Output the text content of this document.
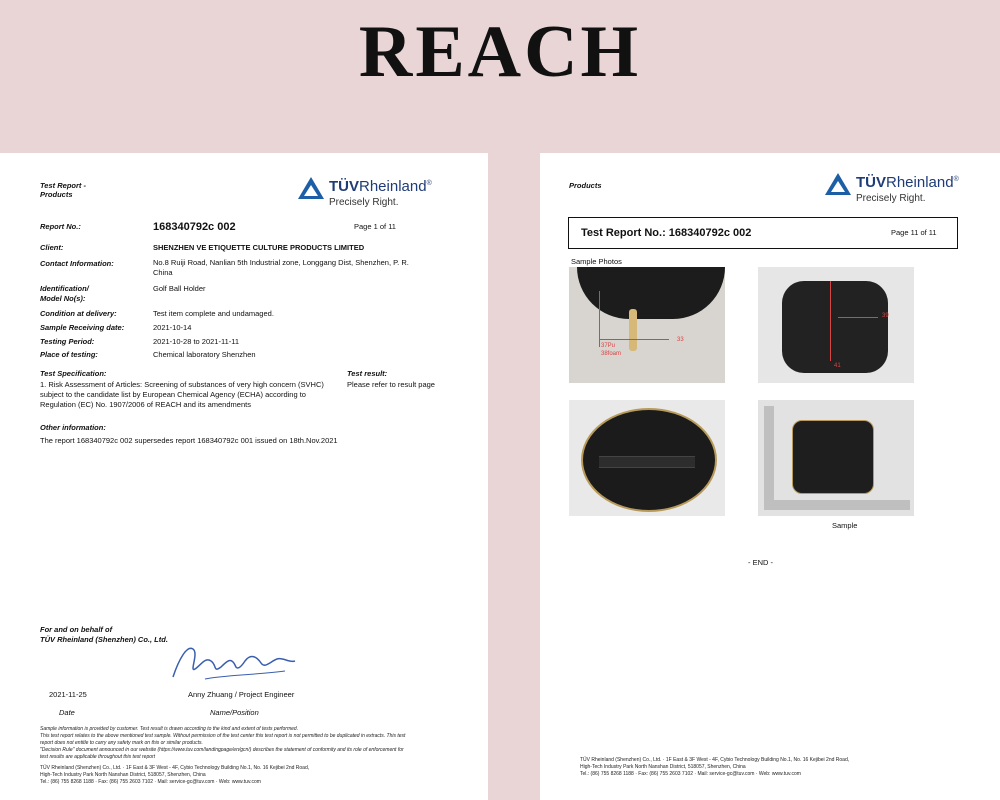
REACH
Test Report -
Products	TÜVRheinland®
Precisely Right.
Report No.:	168340792c 002	Page 1 of 11
Client:	SHENZHEN VE ETIQUETTE CULTURE PRODUCTS LIMITED
Contact Information:	No.8 Ruiji Road, Nanlian 5th Industrial zone, Longgang Dist, Shenzhen, P. R. China
Identification/	Golf Ball Holder
Model No(s):
Condition at delivery:	Test item complete and undamaged.
Sample Receiving date:	2021-10-14
Testing Period:	2021-10-28 to 2021-11-11
Place of testing:	Chemical laboratory Shenzhen
Test Specification:	Test result:
1. Risk Assessment of Articles: Screening of substances of very high concern (SVHC) subject to the candidate list by European Chemical Agency (ECHA) according to Regulation (EC) No. 1907/2006 of REACH and its amendments
Please refer to result page
Other information:
The report 168340792c 002 supersedes report 168340792c 001 issued on 18th.Nov.2021
For and on behalf of
TÜV Rheinland (Shenzhen) Co., Ltd.
2021-11-25	Anny Zhuang / Project Engineer
Date	Name/Position
Sample information is provided by customer. Test result is drawn according to the kind and extent of tests performed.
This test report relates to the above mentioned test sample. Without permission of the test center this test report is not permitted to be duplicated in extracts. This test
report does not entitle to carry any safety mark on this or similar products.
"Decision Rule" document announced in our website (https://www.tuv.com/landingpage/en/gcn/) describes the statement of conformity and its role of enforcement for
test results are applicable throughout this test report
TÜV Rheinland (Shenzhen) Co., Ltd. · 1F East & 3F West - 4F, Cybio Technology Building No.1, No. 16 Kejibei 2nd Road,
High-Tech Industry Park North Nanshan District, 518057, Shenzhen, China
Tel.: (86) 755 8268 1188 · Fax: (86) 755 2603 7102 · Mail: service-gc@tuv.com · Web: www.tuv.com
Products	TÜVRheinland®
Precisely Right.
Test Report No.: 168340792c 002	Page 11 of 11
Sample Photos
37Pu
38foam
33
39
41
Sample
- END -
TÜV Rheinland (Shenzhen) Co., Ltd. · 1F East & 3F West - 4F, Cybio Technology Building No.1, No. 16 Kejibei 2nd Road,
High-Tech Industry Park North Nanshan District, 518057, Shenzhen, China
Tel.: (86) 755 8268 1188 · Fax: (86) 755 2603 7102 · Mail: service-gc@tuv.com · Web: www.tuv.com
